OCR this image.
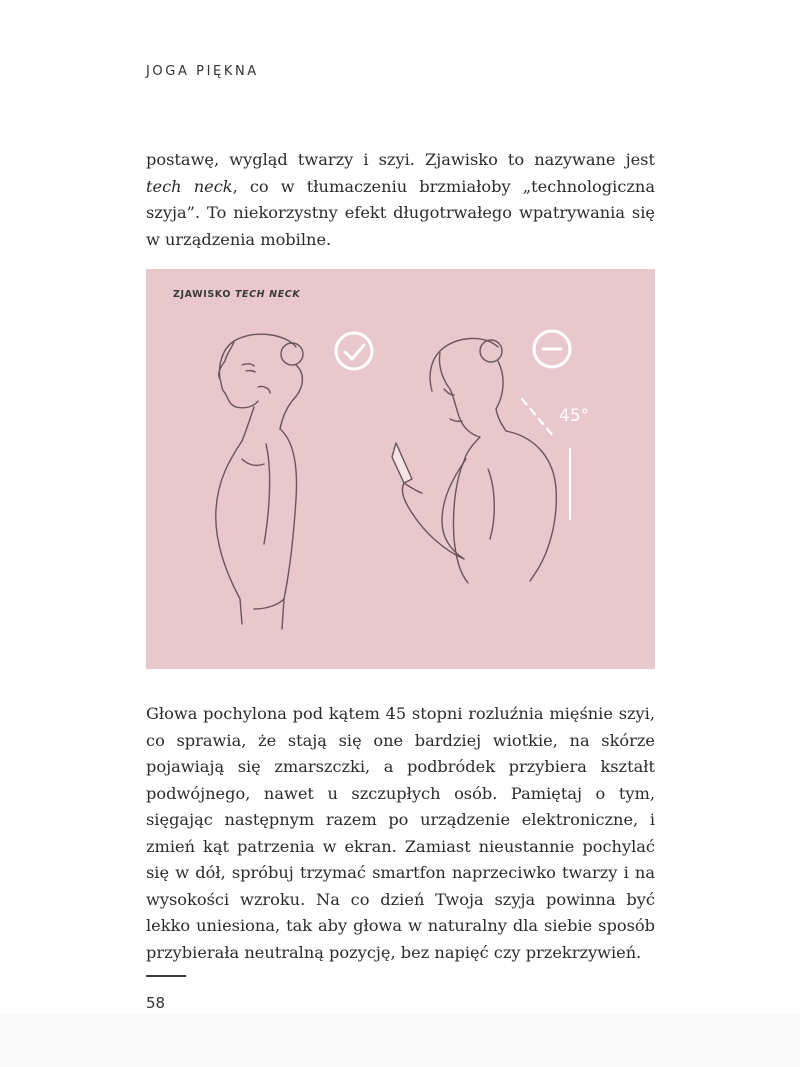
JOGA PIĘKNA

postawę, wygląd twarzy i szyi. Zjawisko to nazywane jest tech neck, co w tłumaczeniu brzmiałoby „technologiczna szyja”. To niekorzystny efekt długotrwałego wpatrywania się w urządzenia mobilne.

45°
ZJAWISKO TECH NECK

Głowa pochylona pod kątem 45 stopni rozluźnia mięśnie szyi, co sprawia, że stają się one bardziej wiotkie, na skórze pojawiają się zmarszczki, a podbródek przybiera kształt podwójnego, nawet u szczupłych osób. Pamiętaj o tym, sięgając następnym razem po urządzenie elektroniczne, i zmień kąt patrzenia w ekran. Zamiast nieustannie pochylać się w dół, spróbuj trzymać smartfon naprzeciwko twarzy i na wysokości wzroku. Na co dzień Twoja szyja powinna być lekko uniesiona, tak aby głowa w naturalny dla siebie sposób przybierała neutralną pozycję, bez napięć czy przekrzywień.

58
